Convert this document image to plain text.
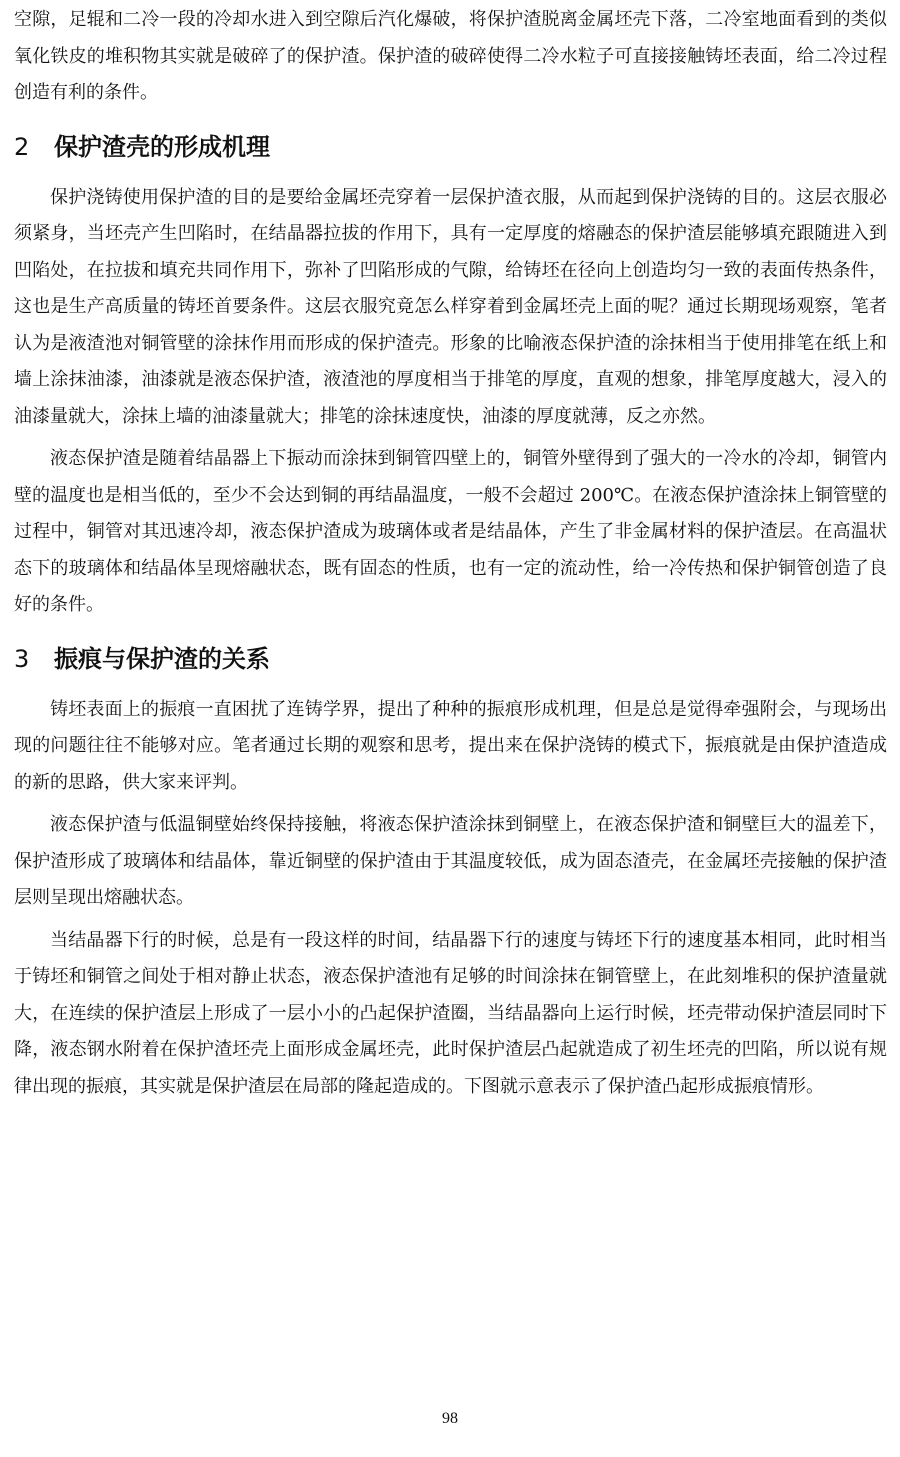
空隙，足辊和二冷一段的冷却水进入到空隙后汽化爆破，将保护渣脱离金属坯壳下落，二冷室地面看到的类似氧化铁皮的堆积物其实就是破碎了的保护渣。保护渣的破碎使得二冷水粒子可直接接触铸坯表面，给二冷过程创造有利的条件。

2	保护渣壳的形成机理

保护浇铸使用保护渣的目的是要给金属坯壳穿着一层保护渣衣服，从而起到保护浇铸的目的。这层衣服必须紧身，当坯壳产生凹陷时，在结晶器拉拔的作用下，具有一定厚度的熔融态的保护渣层能够填充跟随进入到凹陷处，在拉拔和填充共同作用下，弥补了凹陷形成的气隙，给铸坯在径向上创造均匀一致的表面传热条件，这也是生产高质量的铸坯首要条件。这层衣服究竟怎么样穿着到金属坯壳上面的呢？通过长期现场观察，笔者认为是液渣池对铜管壁的涂抹作用而形成的保护渣壳。形象的比喻液态保护渣的涂抹相当于使用排笔在纸上和墙上涂抹油漆，油漆就是液态保护渣，液渣池的厚度相当于排笔的厚度，直观的想象，排笔厚度越大，浸入的油漆量就大，涂抹上墙的油漆量就大；排笔的涂抹速度快，油漆的厚度就薄，反之亦然。

液态保护渣是随着结晶器上下振动而涂抹到铜管四壁上的，铜管外壁得到了强大的一冷水的冷却，铜管内壁的温度也是相当低的，至少不会达到铜的再结晶温度，一般不会超过 200℃。在液态保护渣涂抹上铜管壁的过程中，铜管对其迅速冷却，液态保护渣成为玻璃体或者是结晶体，产生了非金属材料的保护渣层。在高温状态下的玻璃体和结晶体呈现熔融状态，既有固态的性质，也有一定的流动性，给一冷传热和保护铜管创造了良好的条件。

3	振痕与保护渣的关系

铸坯表面上的振痕一直困扰了连铸学界，提出了种种的振痕形成机理，但是总是觉得牵强附会，与现场出现的问题往往不能够对应。笔者通过长期的观察和思考，提出来在保护浇铸的模式下，振痕就是由保护渣造成的新的思路，供大家来评判。

液态保护渣与低温铜壁始终保持接触，将液态保护渣涂抹到铜壁上，在液态保护渣和铜壁巨大的温差下，保护渣形成了玻璃体和结晶体，靠近铜壁的保护渣由于其温度较低，成为固态渣壳，在金属坯壳接触的保护渣层则呈现出熔融状态。

当结晶器下行的时候，总是有一段这样的时间，结晶器下行的速度与铸坯下行的速度基本相同，此时相当于铸坯和铜管之间处于相对静止状态，液态保护渣池有足够的时间涂抹在铜管壁上，在此刻堆积的保护渣量就大，在连续的保护渣层上形成了一层小小的凸起保护渣圈，当结晶器向上运行时候，坯壳带动保护渣层同时下降，液态钢水附着在保护渣坯壳上面形成金属坯壳，此时保护渣层凸起就造成了初生坯壳的凹陷，所以说有规律出现的振痕，其实就是保护渣层在局部的隆起造成的。下图就示意表示了保护渣凸起形成振痕情形。

98
